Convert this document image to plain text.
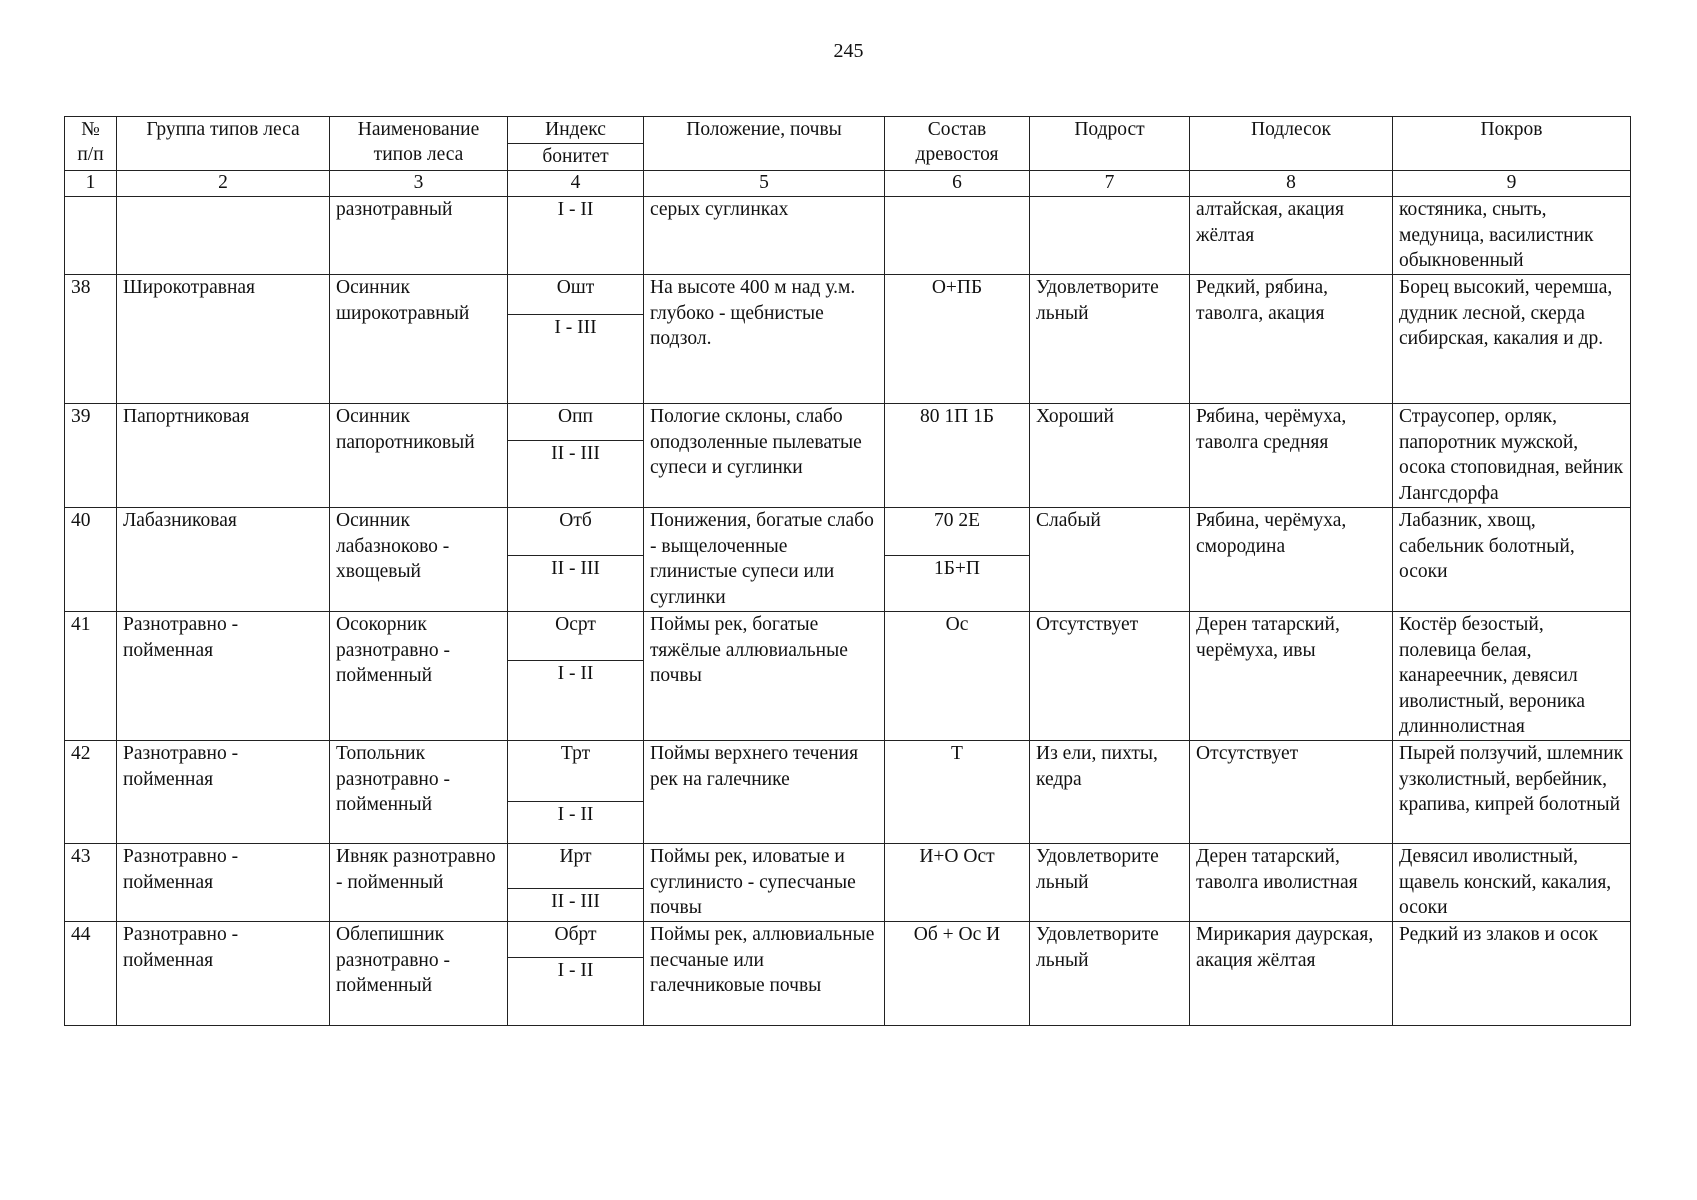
245
№ п/п	Группа типов леса	Наименование типов леса	Индекс	Положение, почвы	Состав древостоя	Подрост	Подлесок	Покров
			бонитет					
1	2	3	4	5	6	7	8	9
		разнотравный	I - II	серых суглинках			алтайская, акация жёлтая	костяника, сныть, медуница, василистник обыкновенный
38	Широкотравная	Осинник широкотравный	Ошт	На высоте 400 м над у.м. глубоко - щебнистые подзол.	О+ПБ	Удовлетворите льный	Редкий, рябина, таволга, акация	Борец высокий, черемша, дудник лесной, скерда сибирская, какалия и др.
			I - III					
39	Папортниковая	Осинник папоротниковый	Опп	Пологие склоны, слабо оподзоленные пылеватые супеси и суглинки	80 1П 1Б	Хороший	Рябина, черёмуха, таволга средняя	Страусопер, орляк, папоротник мужской, осока стоповидная, вейник Лангсдорфа
			II - III					
40	Лабазниковая	Осинник лабазноково - хвощевый	Отб	Понижения, богатые слабо - выщелоченные глинистые супеси или суглинки	70 2Е	Слабый	Рябина, черёмуха, смородина	Лабазник, хвощ, сабельник болотный, осоки
			II - III		1Б+П			
41	Разнотравно - пойменная	Осокорник разнотравно - пойменный	Осрт	Поймы рек, богатые тяжёлые аллювиальные почвы	Ос	Отсутствует	Дерен татарский, черёмуха, ивы	Костёр безостый, полевица белая, канареечник, девясил иволистный, вероника длиннолистная
			I - II					
42	Разнотравно - пойменная	Топольник разнотравно - пойменный	Трт	Поймы верхнего течения рек на галечнике	Т	Из ели, пихты, кедра	Отсутствует	Пырей ползучий, шлемник узколистный, вербейник, крапива, кипрей болотный
			I - II					
43	Разнотравно - пойменная	Ивняк разнотравно - пойменный	Ирт	Поймы рек, иловатые и суглинисто - супесчаные почвы	И+О Ост	Удовлетворите льный	Дерен татарский, таволга иволистная	Девясил иволистный, щавель конский, какалия, осоки
			II - III					
44	Разнотравно - пойменная	Облепишник разнотравно - пойменный	Обрт	Поймы рек, аллювиальные песчаные или галечниковые почвы	Об + Ос И	Удовлетворите льный	Мирикария даурская, акация жёлтая	Редкий из злаков и осок
			I - II					
